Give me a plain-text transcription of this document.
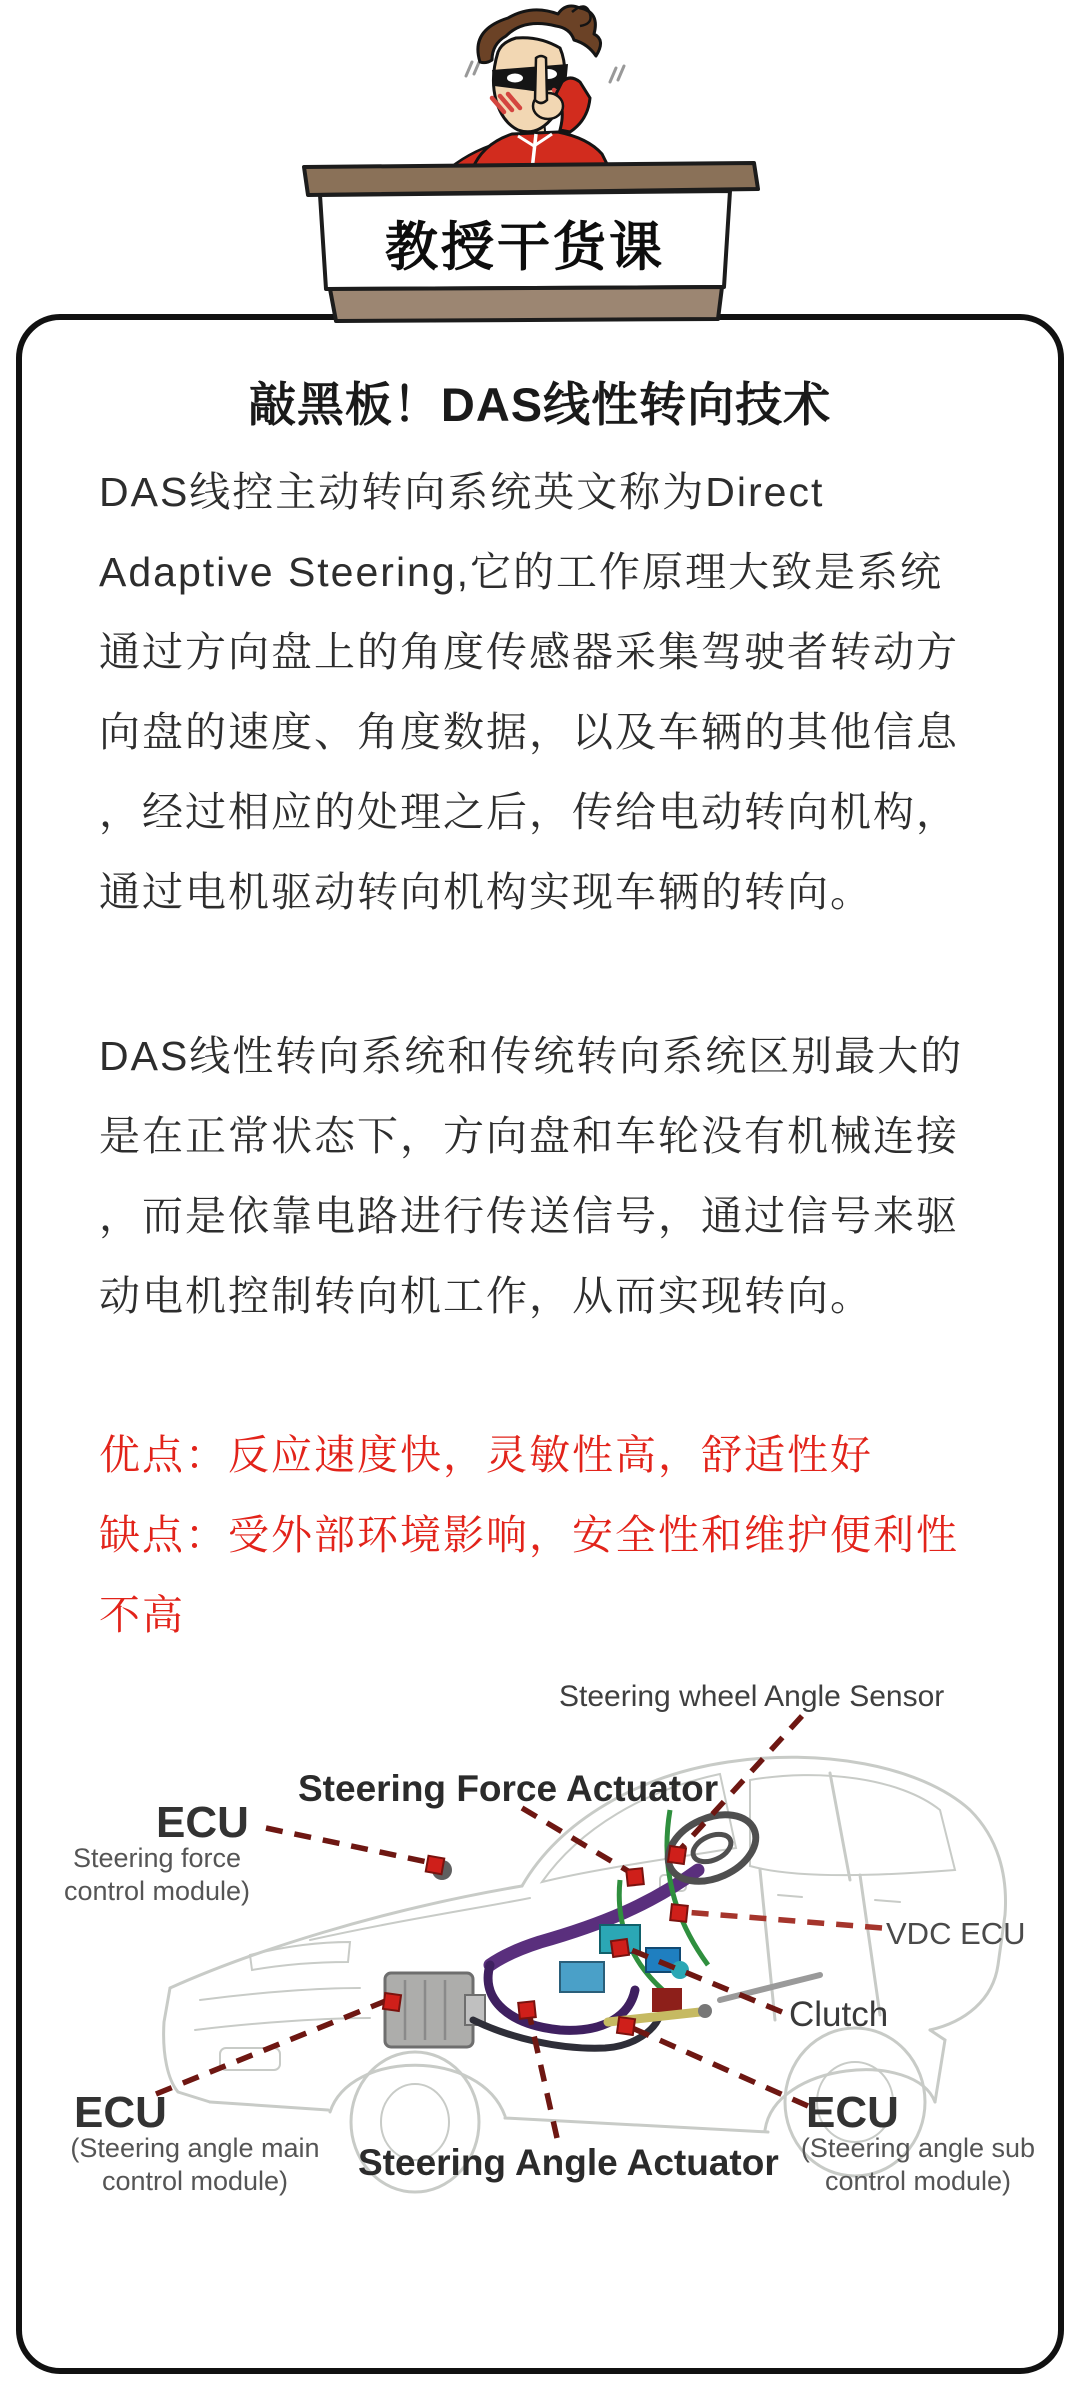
教授干货课
敲黑板！DAS线性转向技术
DAS线控主动转向系统英文称为Direct
Adaptive Steering,它的工作原理大致是系统
通过方向盘上的角度传感器采集驾驶者转动方
向盘的速度、角度数据，以及车辆的其他信息
，经过相应的处理之后，传给电动转向机构，
通过电机驱动转向机构实现车辆的转向。
DAS线性转向系统和传统转向系统区别最大的
是在正常状态下，方向盘和车轮没有机械连接
，而是依靠电路进行传送信号，通过信号来驱
动电机控制转向机工作，从而实现转向。
优点：反应速度快，灵敏性高，舒适性好
缺点：受外部环境影响，安全性和维护便利性
不高
Steering wheel Angle Sensor
Steering Force Actuator
ECU
Steering force
control module)
VDC ECU
Clutch
ECU
(Steering angle main
control module)	Steering Angle Actuator
ECU
(Steering angle sub
control module)
